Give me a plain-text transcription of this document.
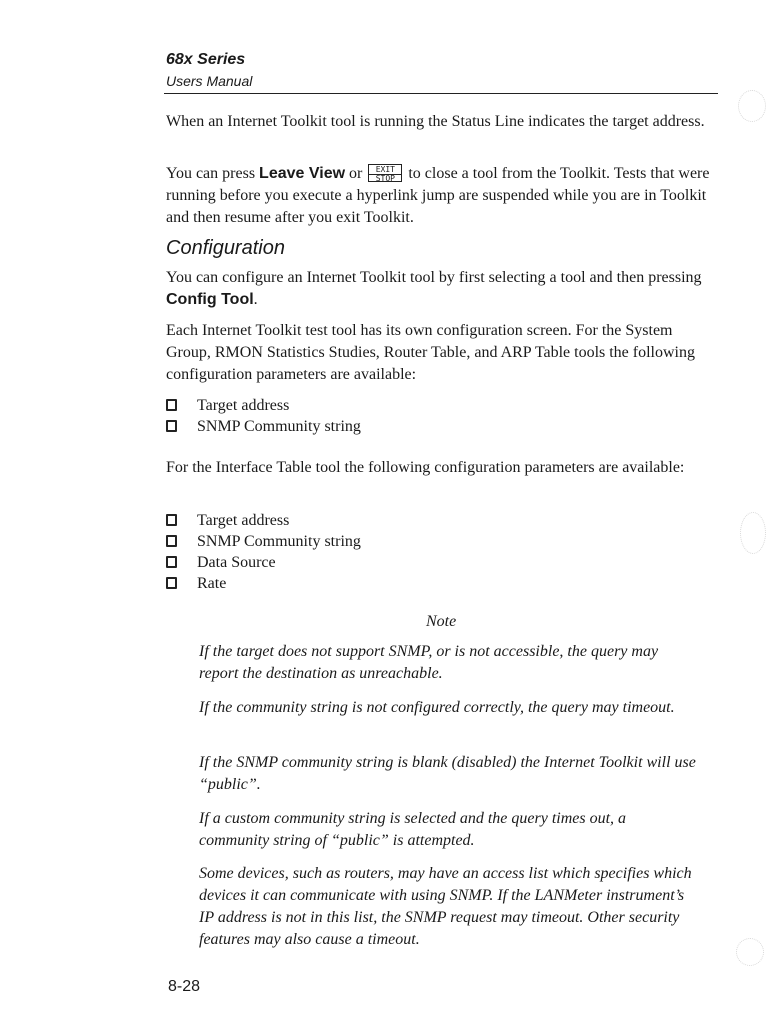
68x Series
Users Manual
When an Internet Toolkit tool is running the Status Line indicates the target address.
You can press Leave View or	EXIT
STOP to close a tool from the Toolkit. Tests that were running before you execute a hyperlink jump are suspended while you are in Toolkit and then resume after you exit Toolkit.
Configuration
You can configure an Internet Toolkit tool by first selecting a tool and then pressing Config Tool.
Each Internet Toolkit test tool has its own configuration screen. For the System Group, RMON Statistics Studies, Router Table, and ARP Table tools the following configuration parameters are available:
Target address
SNMP Community string
For the Interface Table tool the following configuration parameters are available:
Target address
SNMP Community string
Data Source
Rate
Note
If the target does not support SNMP, or is not accessible, the query may report the destination as unreachable.
If the community string is not configured correctly, the query may timeout.
If the SNMP community string is blank (disabled) the Internet Toolkit will use “public”.
If a custom community string is selected and the query times out, a community string of “public” is attempted.
Some devices, such as routers, may have an access list which specifies which devices it can communicate with using SNMP. If the LANMeter instrument’s IP address is not in this list, the SNMP request may timeout. Other security features may also cause a timeout.
8-28
